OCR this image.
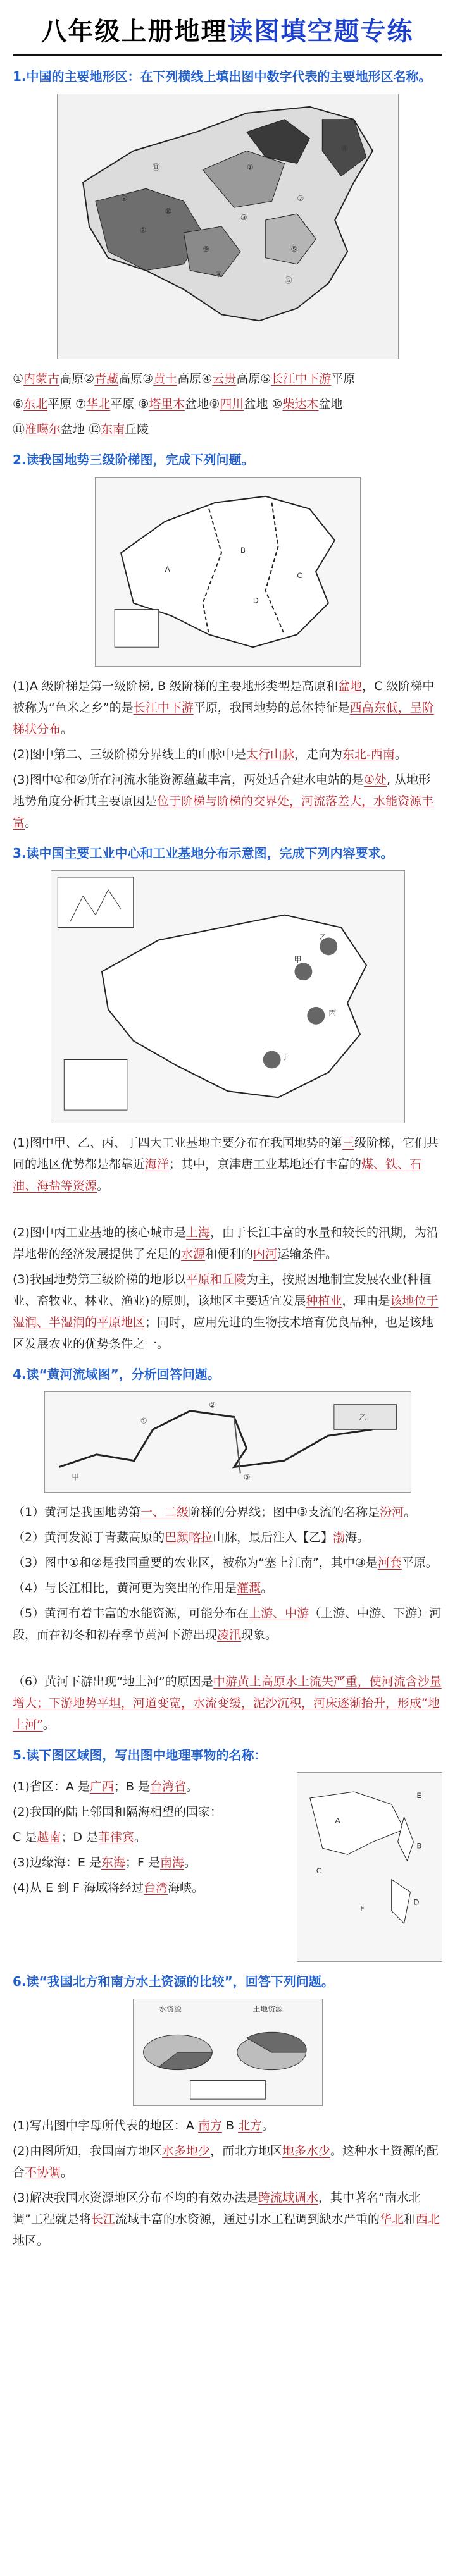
八年级上册地理读图填空题专练
1.中国的主要地形区：在下列横线上填出图中数字代表的主要地形区名称。
①
②
③
④
⑤
⑥
⑦
⑧
⑨
⑩
⑪
⑫

①内蒙古高原②青藏高原③黄土高原④云贵高原⑤长江中下游平原

⑥东北平原 ⑦华北平原 ⑧塔里木盆地⑨四川盆地 ⑩柴达木盆地

⑪准噶尔盆地 ⑫东南丘陵

2.读我国地势三级阶梯图，完成下列问题。
A
B
C
D

(1)A 级阶梯是第一级阶梯, B 级阶梯的主要地形类型是高原和盆地，C 级阶梯中被称为“鱼米之乡”的是长江中下游平原，我国地势的总体特征是西高东低，呈阶梯状分布。

(2)图中第二、三级阶梯分界线上的山脉中是太行山脉，走向为东北-西南。

(3)图中①和②所在河流水能资源蕴藏丰富，两处适合建水电站的是①处, 从地形地势角度分析其主要原因是位于阶梯与阶梯的交界处，河流落差大，水能资源丰富。

3.读中国主要工业中心和工业基地分布示意图，完成下列内容要求。
甲
乙
丙
丁

(1)图中甲、乙、丙、丁四大工业基地主要分布在我国地势的第三级阶梯，它们共同的地区优势都是都靠近海洋；其中，京津唐工业基地还有丰富的煤、铁、石油、海盐等资源。

(2)图中丙工业基地的核心城市是上海，由于长江丰富的水量和较长的汛期，为沿岸地带的经济发展提供了充足的水源和便利的内河运输条件。

(3)我国地势第三级阶梯的地形以平原和丘陵为主，按照因地制宜发展农业(种植业、畜牧业、林业、渔业)的原则，该地区主要适宜发展种植业，理由是该地位于湿润、半湿润的平原地区；同时，应用先进的生物技术培育优良品种，也是该地区发展农业的优势条件之一。

4.读“黄河流域图”，分析回答问题。
①
②
③
甲
乙

（1）黄河是我国地势第一、二级阶梯的分界线；图中③支流的名称是汾河。

（2）黄河发源于青藏高原的巴颜喀拉山脉，最后注入【乙】渤海。

（3）图中①和②是我国重要的农业区，被称为“塞上江南”，其中③是河套平原。

（4）与长江相比，黄河更为突出的作用是灌溉。

（5）黄河有着丰富的水能资源，可能分布在上游、中游（上游、中游、下游）河段，而在初冬和初春季节黄河下游出现凌汛现象。

（6）黄河下游出现“地上河”的原因是中游黄土高原水土流失严重，使河流含沙量增大；下游地势平坦，河道变宽，水流变缓，泥沙沉积，河床逐渐抬升，形成“地上河”。

5.读下图区域图，写出图中地理事物的名称：

(1)省区：A 是广西；B 是台湾省。

(2)我国的陆上邻国和隔海相望的国家：

C 是越南；D 是菲律宾。

(3)边缘海：E 是东海；F 是南海。

(4)从 E 到 F 海域将经过台湾海峡。

A
B
C
D
E
F
6.读“我国北方和南方水土资源的比较”，回答下列问题。
水资源	土地资源

(1)写出图中字母所代表的地区：A 南方 B 北方。

(2)由图所知，我国南方地区水多地少，而北方地区地多水少。这种水土资源的配合不协调。

(3)解决我国水资源地区分布不均的有效办法是跨流域调水，其中著名“南水北调”工程就是将长江流域丰富的水资源，通过引水工程调到缺水严重的华北和西北地区。
